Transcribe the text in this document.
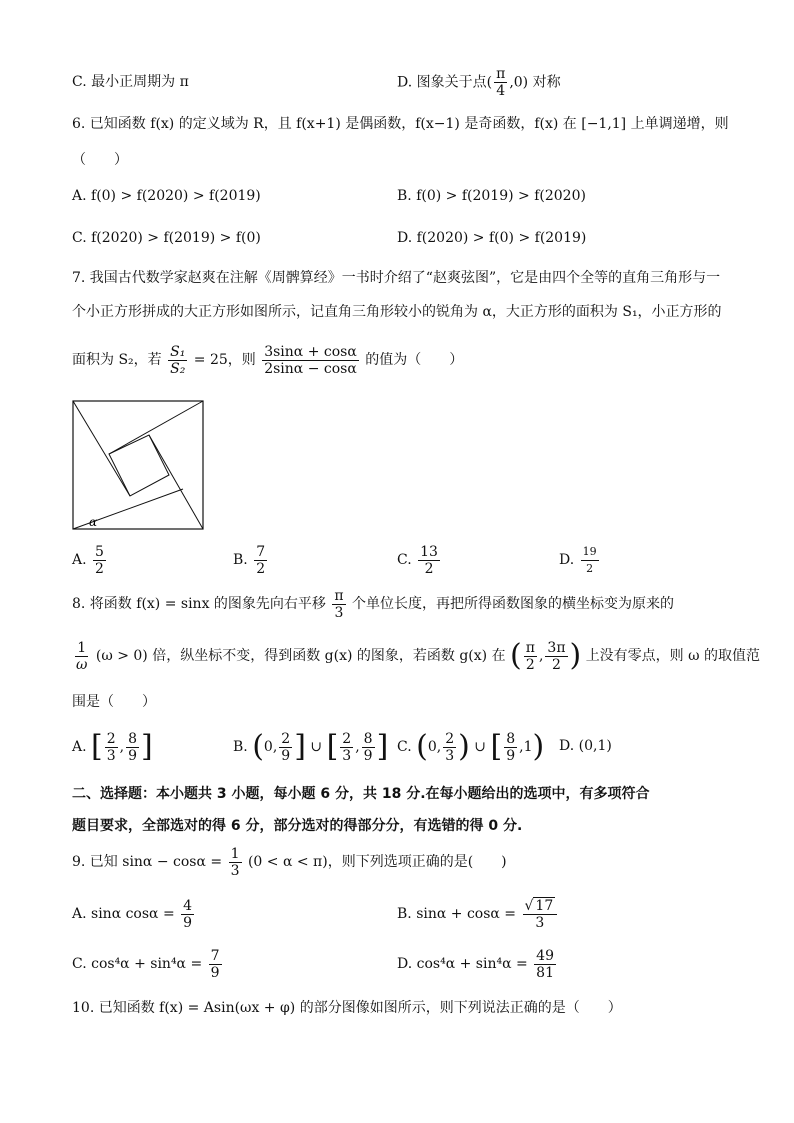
C. 最小正周期为 π	D. 图象关于点( $\frac{\pi}{4} ,0$) 对称
6. 已知函数 f(x) 的定义域为 R，且 f(x+1) 是偶函数，f(x−1) 是奇函数，f(x) 在 [−1,1] 上单调递增，则
（　　）
A. f(0) > f(2020) > f(2019)	B. f(0) > f(2019) > f(2020)
C. f(2020) > f(2019) > f(0)	D. f(2020) > f(0) > f(2019)
7. 我国古代数学家赵爽在注解《周髀算经》一书时介绍了“赵爽弦图”，它是由四个全等的直角三角形与一
个小正方形拼成的大正方形如图所示，记直角三角形较小的锐角为 α，大正方形的面积为 S₁，小正方形的
面积为 S₂，若 $\frac{\text{S₁}}{\text{S₂}} = 25$，则 $\frac{3\sin\alpha + \cos\alpha}{2\sin\alpha - \cos\alpha}$ 的值为（　　）
α
A. $\frac{5}{2}$	B. $\frac{7}{2}$	C. $\frac{13}{2}$	D. $\frac{19}{2}$
8. 将函数 f(x) = sinx 的图象先向右平移 $\frac{\pi}{3}$ 个单位长度，再把所得函数图象的横坐标变为原来的
$\frac{1}{\omega} (\omega > 0)$ 倍，纵坐标不变，得到函数 g(x) 的图象，若函数 g(x) 在 ( $\frac{\pi}{2}$ , $\frac{3\pi}{2}$ ) 上没有零点，则 ω 的取值范
围是（　　）
A. [ $\frac{2}{3}$ , $\frac{8}{9}$ ]	B. (0, $\frac{2}{9}$ ] ∪ [ $\frac{2}{3}$ , $\frac{8}{9}$ ] C. (0, $\frac{2}{3}$ ) ∪ [ $\frac{8}{9} ,1$) D. (0,1)
二、选择题：本小题共 3 小题，每小题 6 分，共 18 分.在每小题给出的选项中，有多项符合
题目要求，全部选对的得 6 分，部分选对的得部分分，有选错的得 0 分.
9. 已知 $\sin\alpha - \cos\alpha = \frac{1}{3} (0 < \alpha < \pi)$，则下列选项正确的是(　　)
A. sinα $\cos\alpha = \frac{4}{9}$	B. $\sin\alpha + \cos\alpha = \frac{√ 17}{3}$
C. $\cos^4\alpha + \sin^4\alpha = \frac{7}{9}$	D. $\cos^4\alpha + \sin^4\alpha = \frac{49}{81}$
10. 已知函数 f(x) = Asin(ωx + φ) 的部分图像如图所示，则下列说法正确的是（　　）
